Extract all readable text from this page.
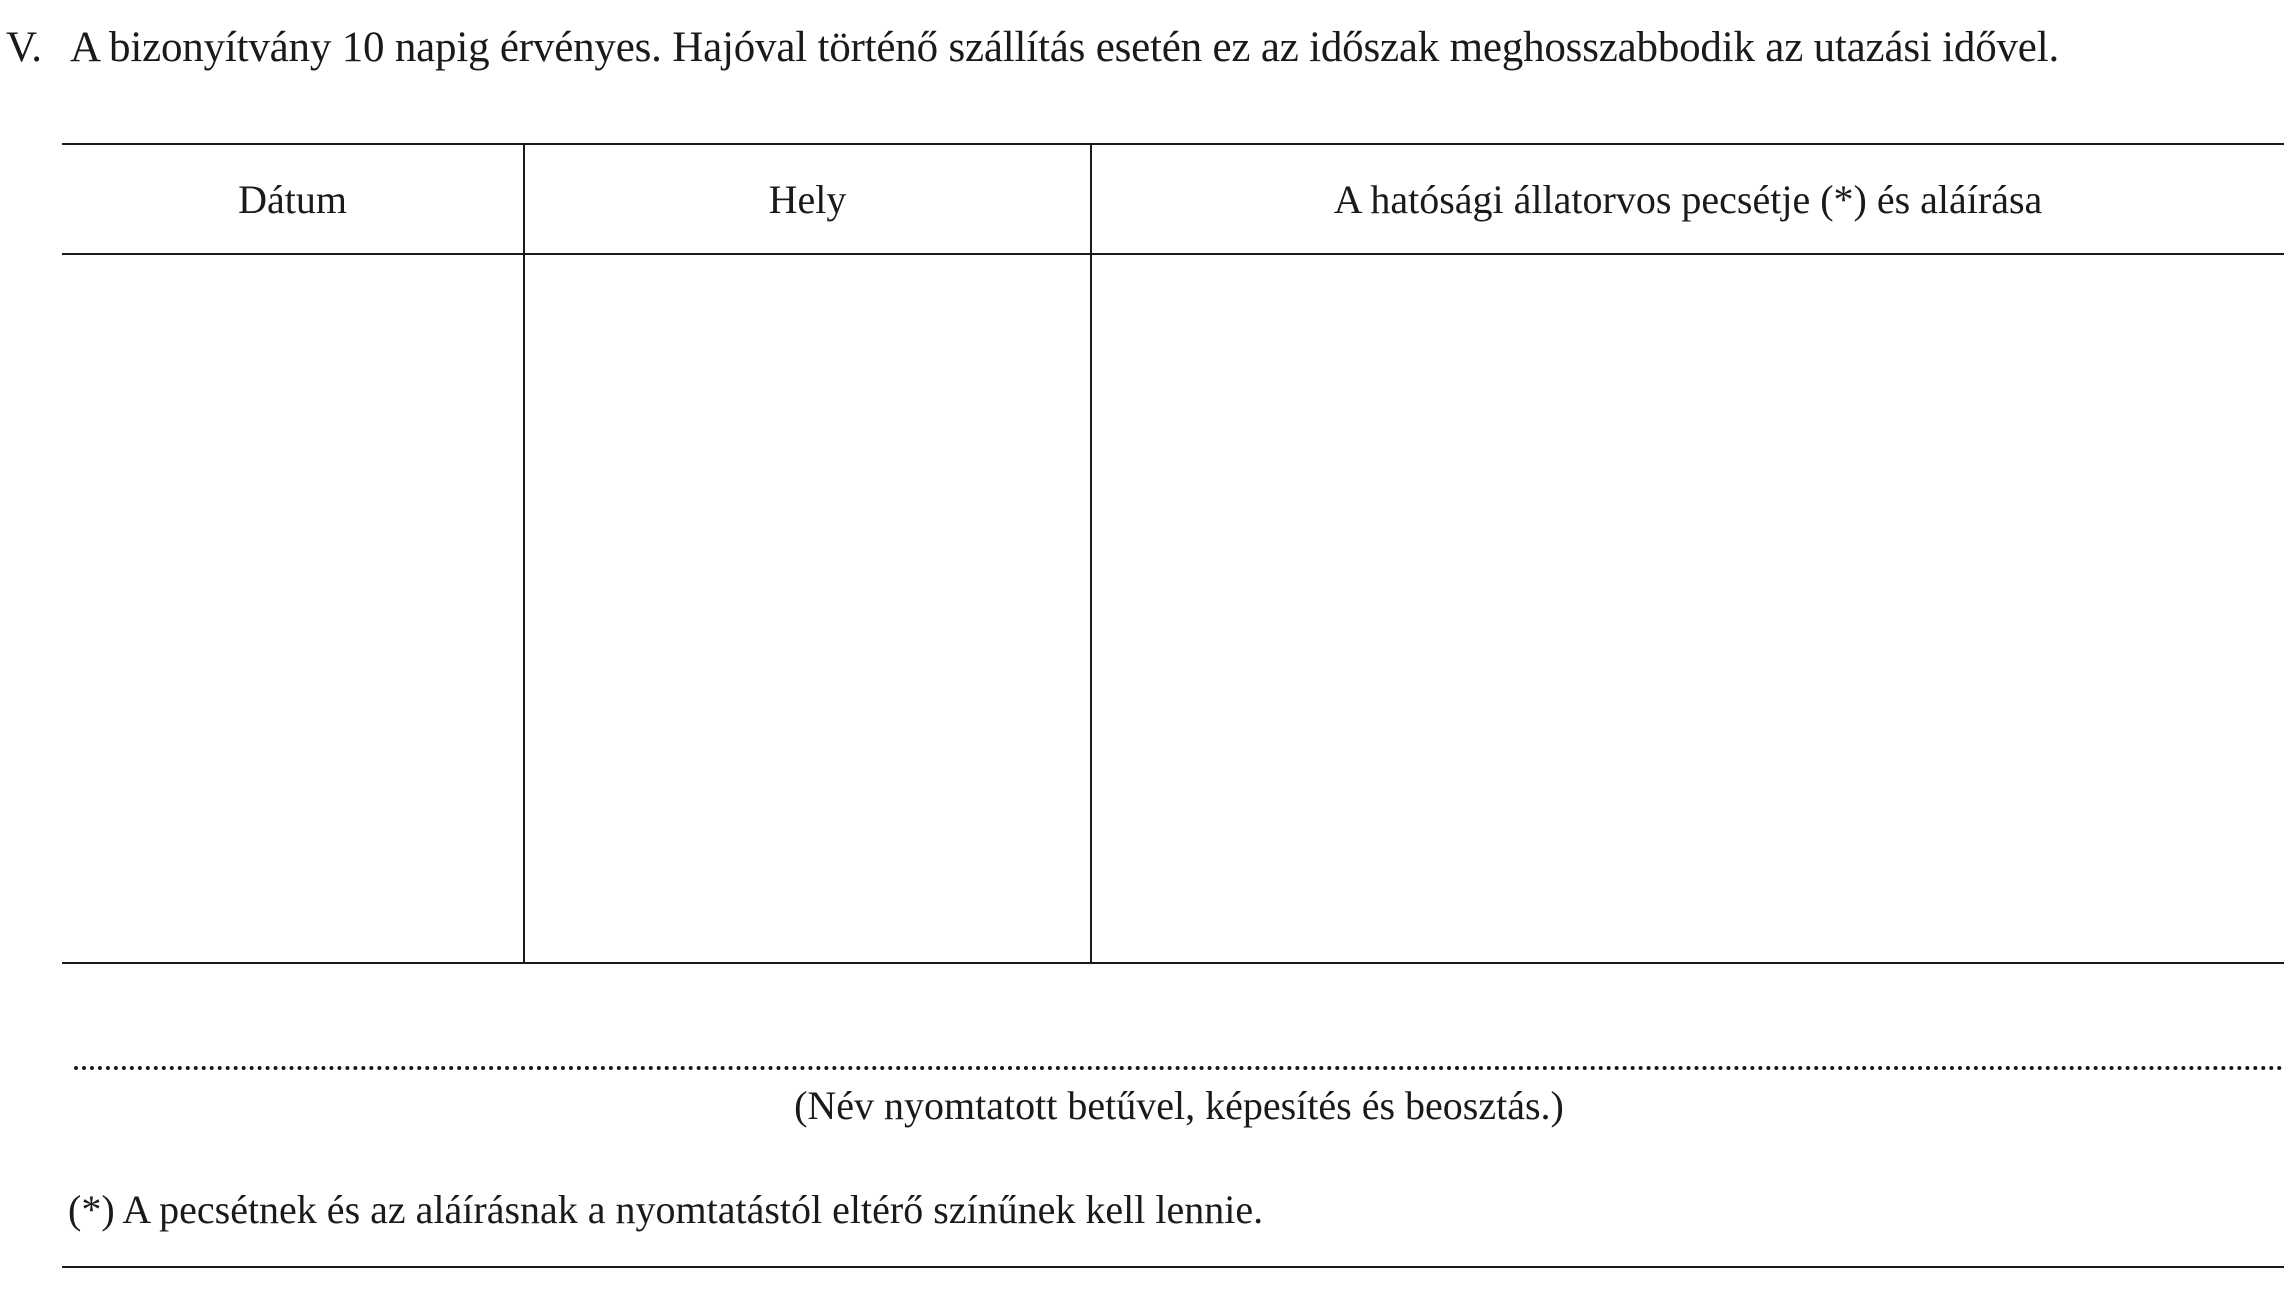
V. A bizonyítvány 10 napig érvényes. Hajóval történő szállítás esetén ez az időszak meghosszabbodik az utazási idővel.
Dátum	Hely	A hatósági állatorvos pecsétje (*) és aláírása

(Név nyomtatott betűvel, képesítés és beosztás.)
(*) A pecsétnek és az aláírásnak a nyomtatástól eltérő színűnek kell lennie.
